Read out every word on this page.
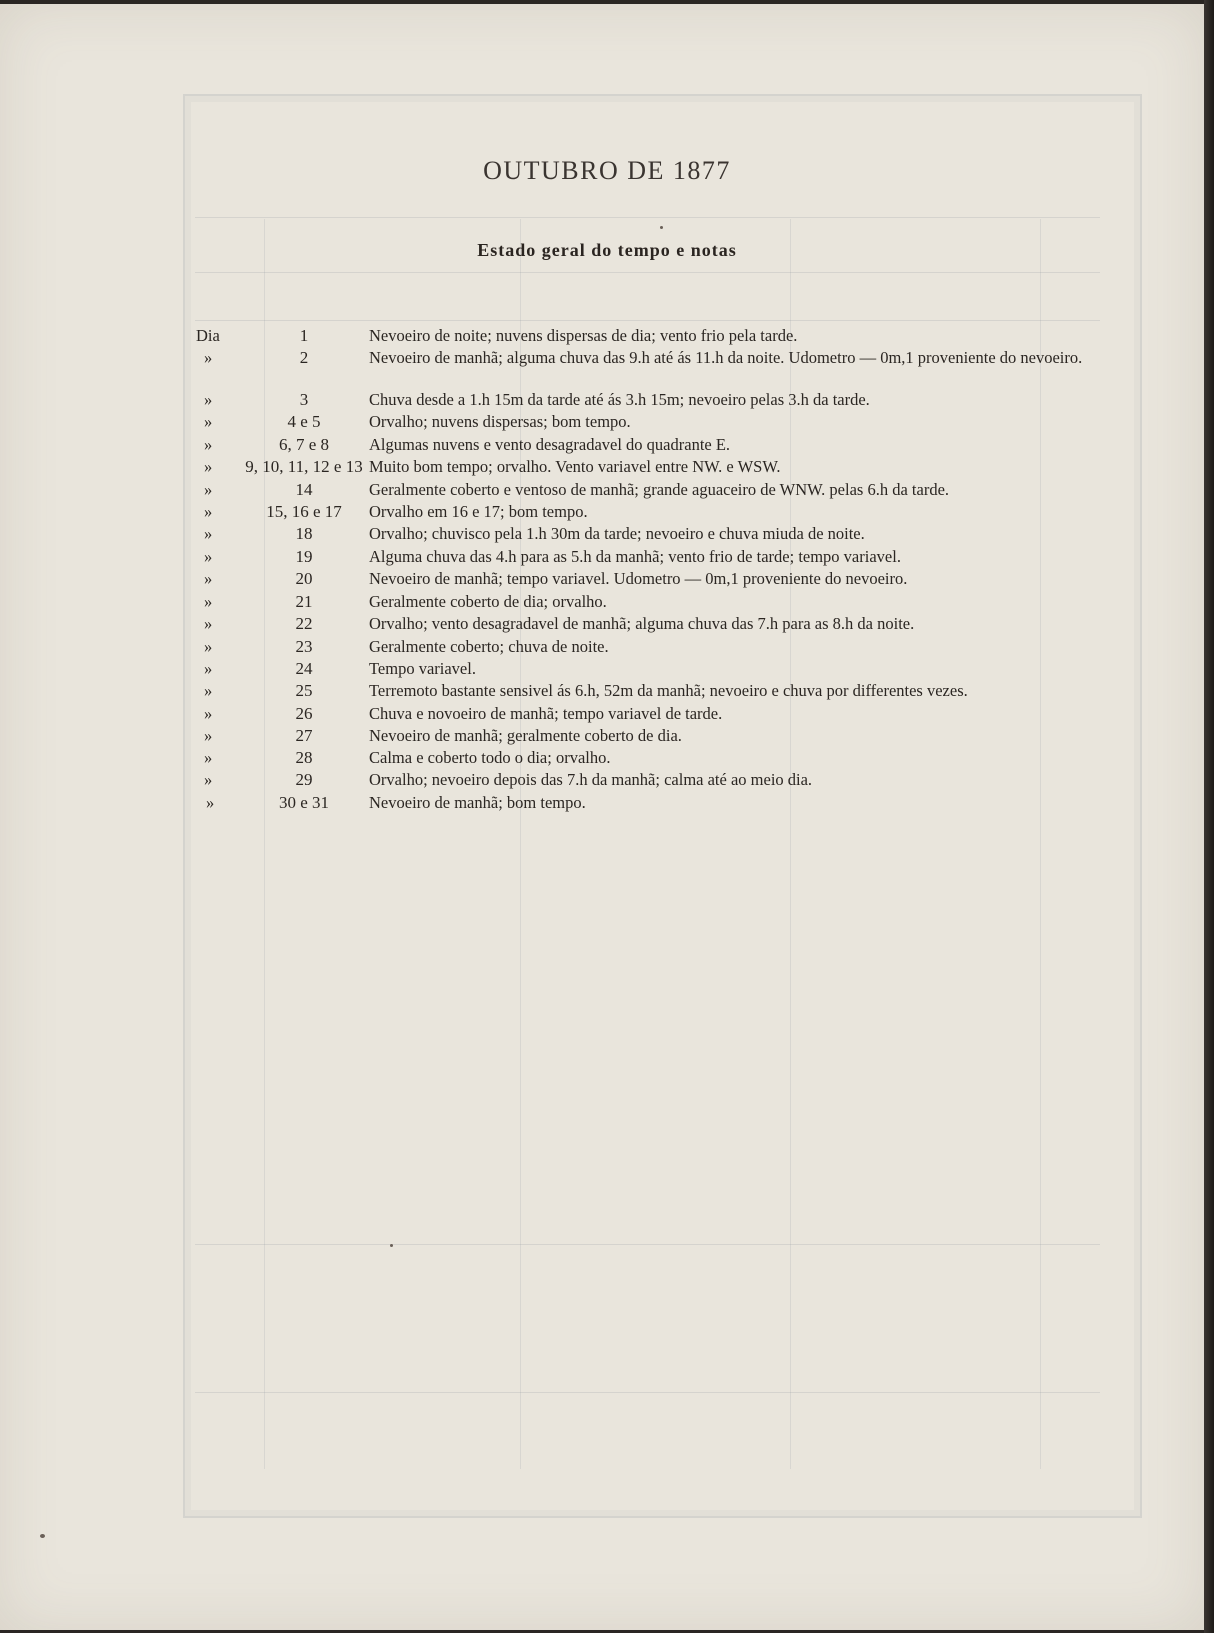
OUTUBRO DE 1877
Estado geral do tempo e notas
Dia	1	Nevoeiro de noite; nuvens dispersas de dia; vento frio pela tarde.
»	2	Nevoeiro de manhã; alguma chuva das 9.h até ás 11.h da noite. Udometro — 0m,1 proveniente do nevoeiro.
»	3	Chuva desde a 1.h 15m da tarde até ás 3.h 15m; nevoeiro pelas 3.h da tarde.
»	4 e 5	Orvalho; nuvens dispersas; bom tempo.
»	6, 7 e 8	Algumas nuvens e vento desagradavel do quadrante E.
»	9, 10, 11, 12 e 13 Muito bom tempo; orvalho. Vento variavel entre NW. e WSW.
»	14	Geralmente coberto e ventoso de manhã; grande aguaceiro de WNW. pelas 6.h da tarde.
»	15, 16 e 17	Orvalho em 16 e 17; bom tempo.
»	18	Orvalho; chuvisco pela 1.h 30m da tarde; nevoeiro e chuva miuda de noite.
»	19	Alguma chuva das 4.h para as 5.h da manhã; vento frio de tarde; tempo variavel.
»	20	Nevoeiro de manhã; tempo variavel. Udometro — 0m,1 proveniente do nevoeiro.
»	21	Geralmente coberto de dia; orvalho.
»	22	Orvalho; vento desagradavel de manhã; alguma chuva das 7.h para as 8.h da noite.
»	23	Geralmente coberto; chuva de noite.
»	24	Tempo variavel.
»	25	Terremoto bastante sensivel ás 6.h, 52m da manhã; nevoeiro e chuva por differentes vezes.
»	26	Chuva e novoeiro de manhã; tempo variavel de tarde.
»	27	Nevoeiro de manhã; geralmente coberto de dia.
»	28	Calma e coberto todo o dia; orvalho.
»	29	Orvalho; nevoeiro depois das 7.h da manhã; calma até ao meio dia.
»	30 e 31	Nevoeiro de manhã; bom tempo.
